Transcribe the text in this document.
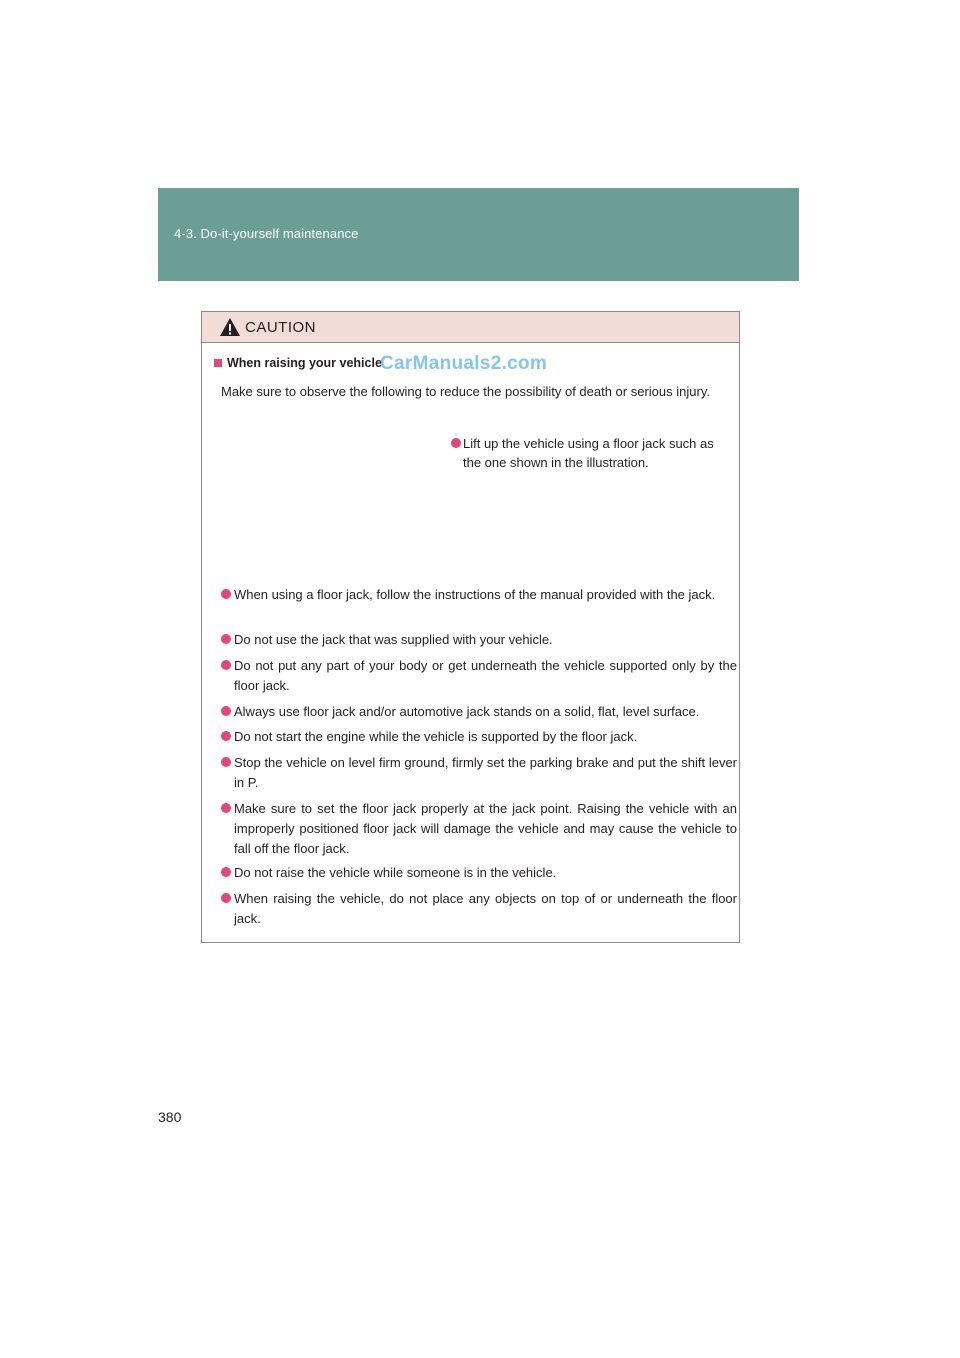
4-3. Do-it-yourself maintenance
CAUTION
When raising your vehicle
CarManuals2.com
Make sure to observe the following to reduce the possibility of death or serious injury.
Lift up the vehicle using a floor jack such as the one shown in the illustration.
When using a floor jack, follow the instructions of the manual provided with the jack.
Do not use the jack that was supplied with your vehicle.
Do not put any part of your body or get underneath the vehicle supported only by the floor jack.
Always use floor jack and/or automotive jack stands on a solid, flat, level surface.
Do not start the engine while the vehicle is supported by the floor jack.
Stop the vehicle on level firm ground, firmly set the parking brake and put the shift lever in P.
Make sure to set the floor jack properly at the jack point. Raising the vehicle with an improperly positioned floor jack will damage the vehicle and may cause the vehicle to fall off the floor jack.
Do not raise the vehicle while someone is in the vehicle.
When raising the vehicle, do not place any objects on top of or underneath the floor jack.
380
